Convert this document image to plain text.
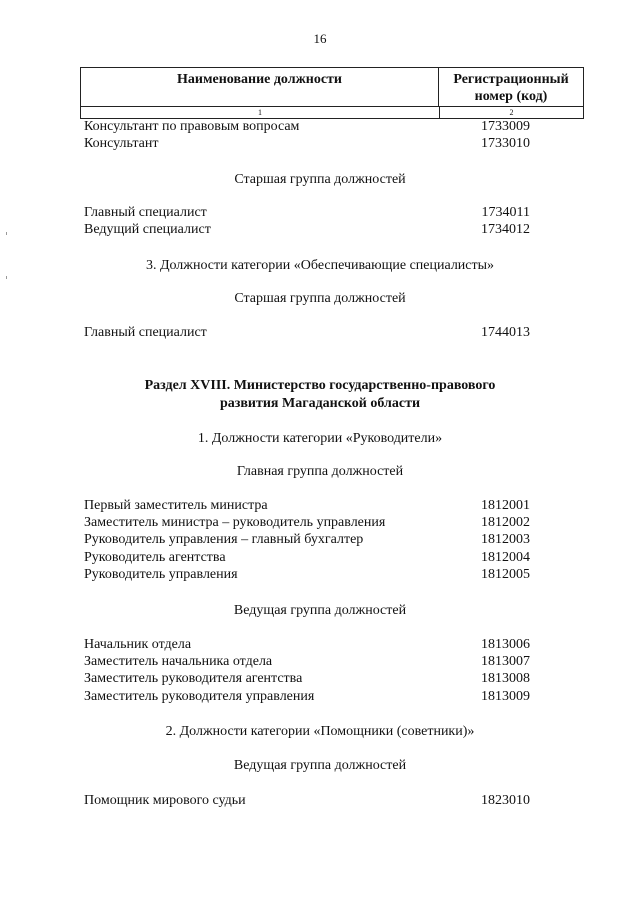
16
Наименование должности	Регистрационный
номер (код)
1	2
Консультант по правовым вопросам	1733009
Консультант	1733010
Старшая группа должностей
Главный специалист	1734011
Ведущий специалист	1734012
3. Должности категории «Обеспечивающие специалисты»
Старшая группа должностей
Главный специалист	1744013
Раздел XVIII. Министерство государственно-правового
развития Магаданской области
1. Должности категории «Руководители»
Главная группа должностей
Первый заместитель министра	1812001
Заместитель министра – руководитель управления	1812002
Руководитель управления – главный бухгалтер	1812003
Руководитель агентства	1812004
Руководитель управления	1812005
Ведущая группа должностей
Начальник отдела	1813006
Заместитель начальника отдела	1813007
Заместитель руководителя агентства	1813008
Заместитель руководителя управления	1813009
2. Должности категории «Помощники (советники)»
Ведущая группа должностей
Помощник мирового судьи	1823010
